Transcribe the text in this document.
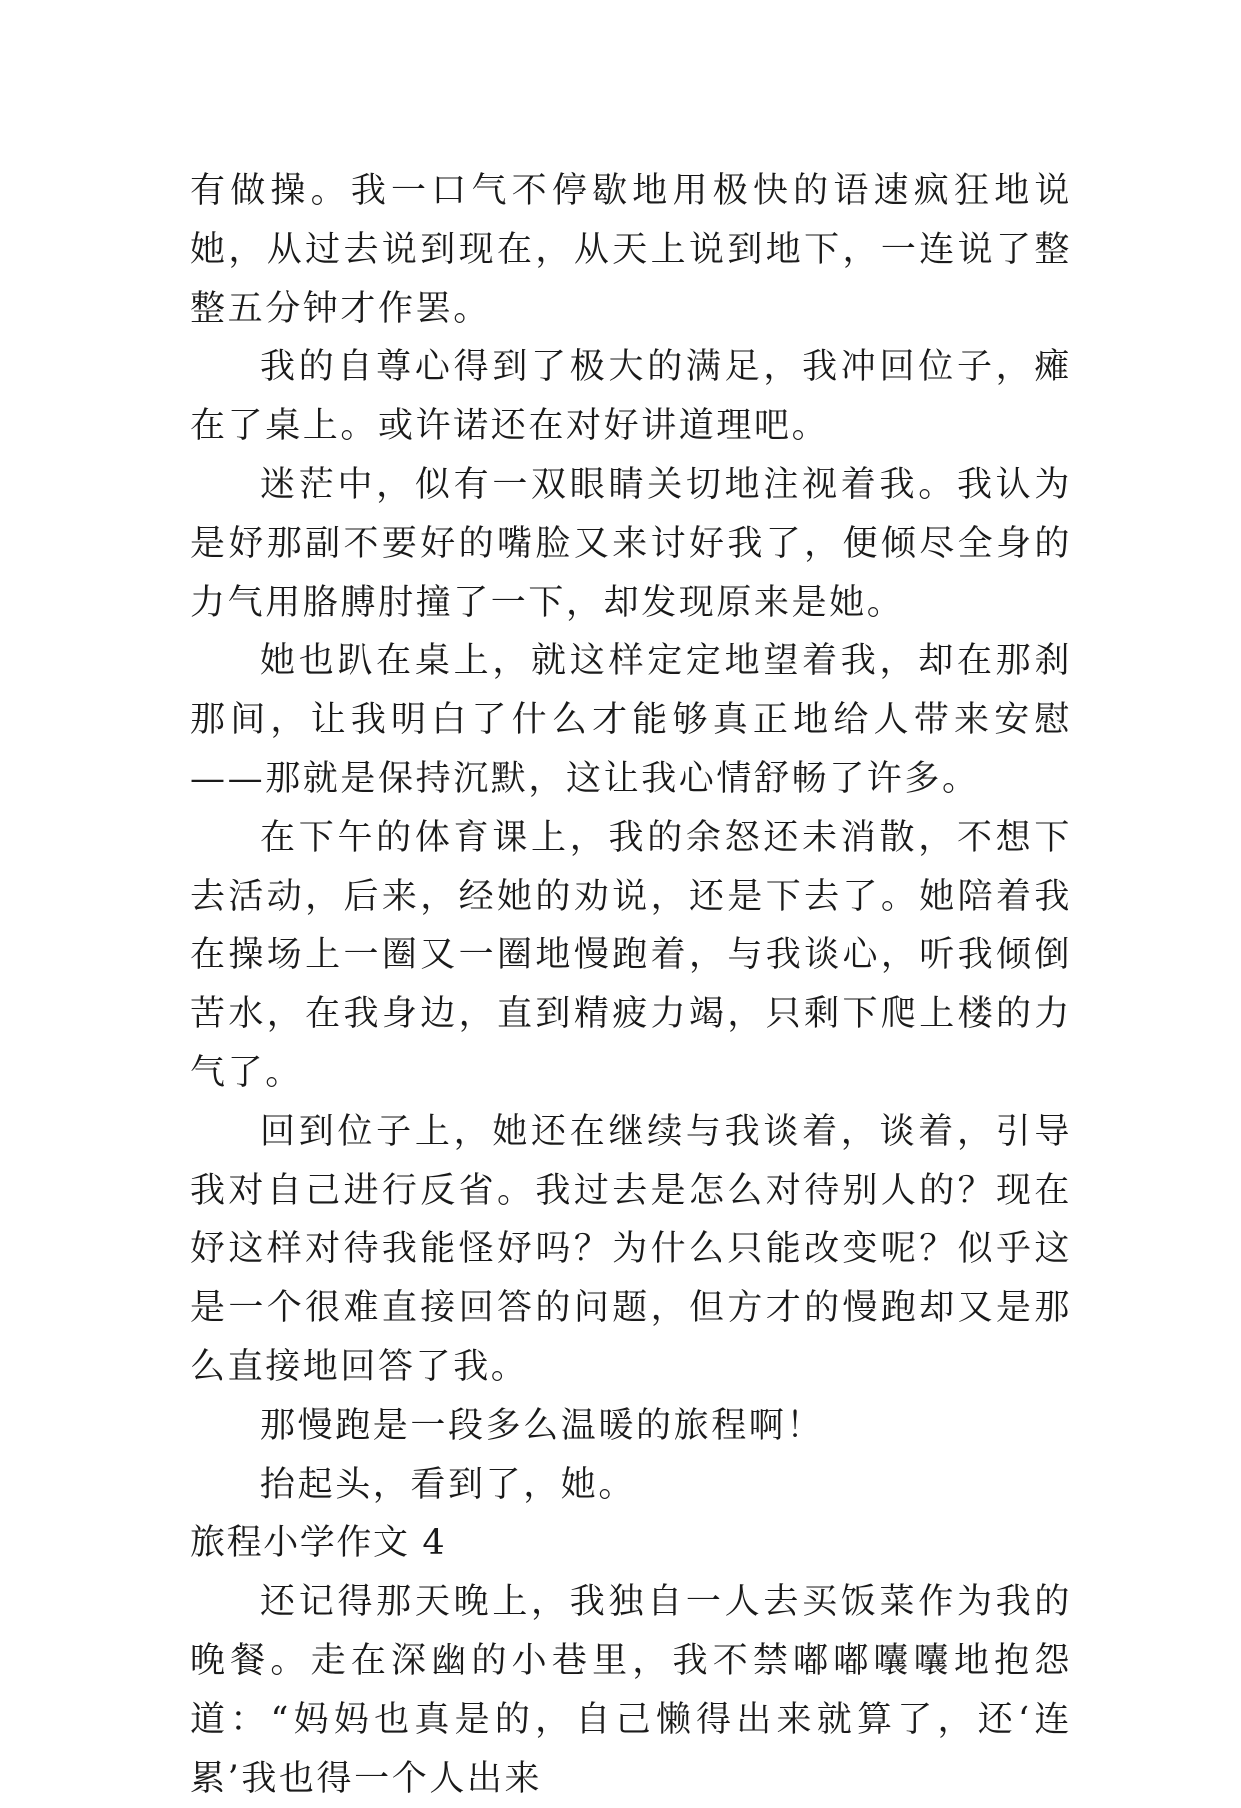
有做操。我一口气不停歇地用极快的语速疯狂地说她，从过去说到现在，从天上说到地下，一连说了整整五分钟才作罢。

我的自尊心得到了极大的满足，我冲回位子，瘫在了桌上。或许诺还在对好讲道理吧。

迷茫中，似有一双眼睛关切地注视着我。我认为是妤那副不要好的嘴脸又来讨好我了，便倾尽全身的力气用胳膊肘撞了一下，却发现原来是她。

她也趴在桌上，就这样定定地望着我，却在那刹那间，让我明白了什么才能够真正地给人带来安慰——那就是保持沉默，这让我心情舒畅了许多。

在下午的体育课上，我的余怒还未消散，不想下去活动，后来，经她的劝说，还是下去了。她陪着我在操场上一圈又一圈地慢跑着，与我谈心，听我倾倒苦水，在我身边，直到精疲力竭，只剩下爬上楼的力气了。

回到位子上，她还在继续与我谈着，谈着，引导我对自己进行反省。我过去是怎么对待别人的？现在妤这样对待我能怪妤吗？为什么只能改变呢？似乎这是一个很难直接回答的问题，但方才的慢跑却又是那么直接地回答了我。

那慢跑是一段多么温暖的旅程啊！

抬起头，看到了，她。

旅程小学作文 4

还记得那天晚上，我独自一人去买饭菜作为我的晚餐。走在深幽的小巷里，我不禁嘟嘟囔囔地抱怨道：“妈妈也真是的，自己懒得出来就算了，还‘连累’我也得一个人出来
